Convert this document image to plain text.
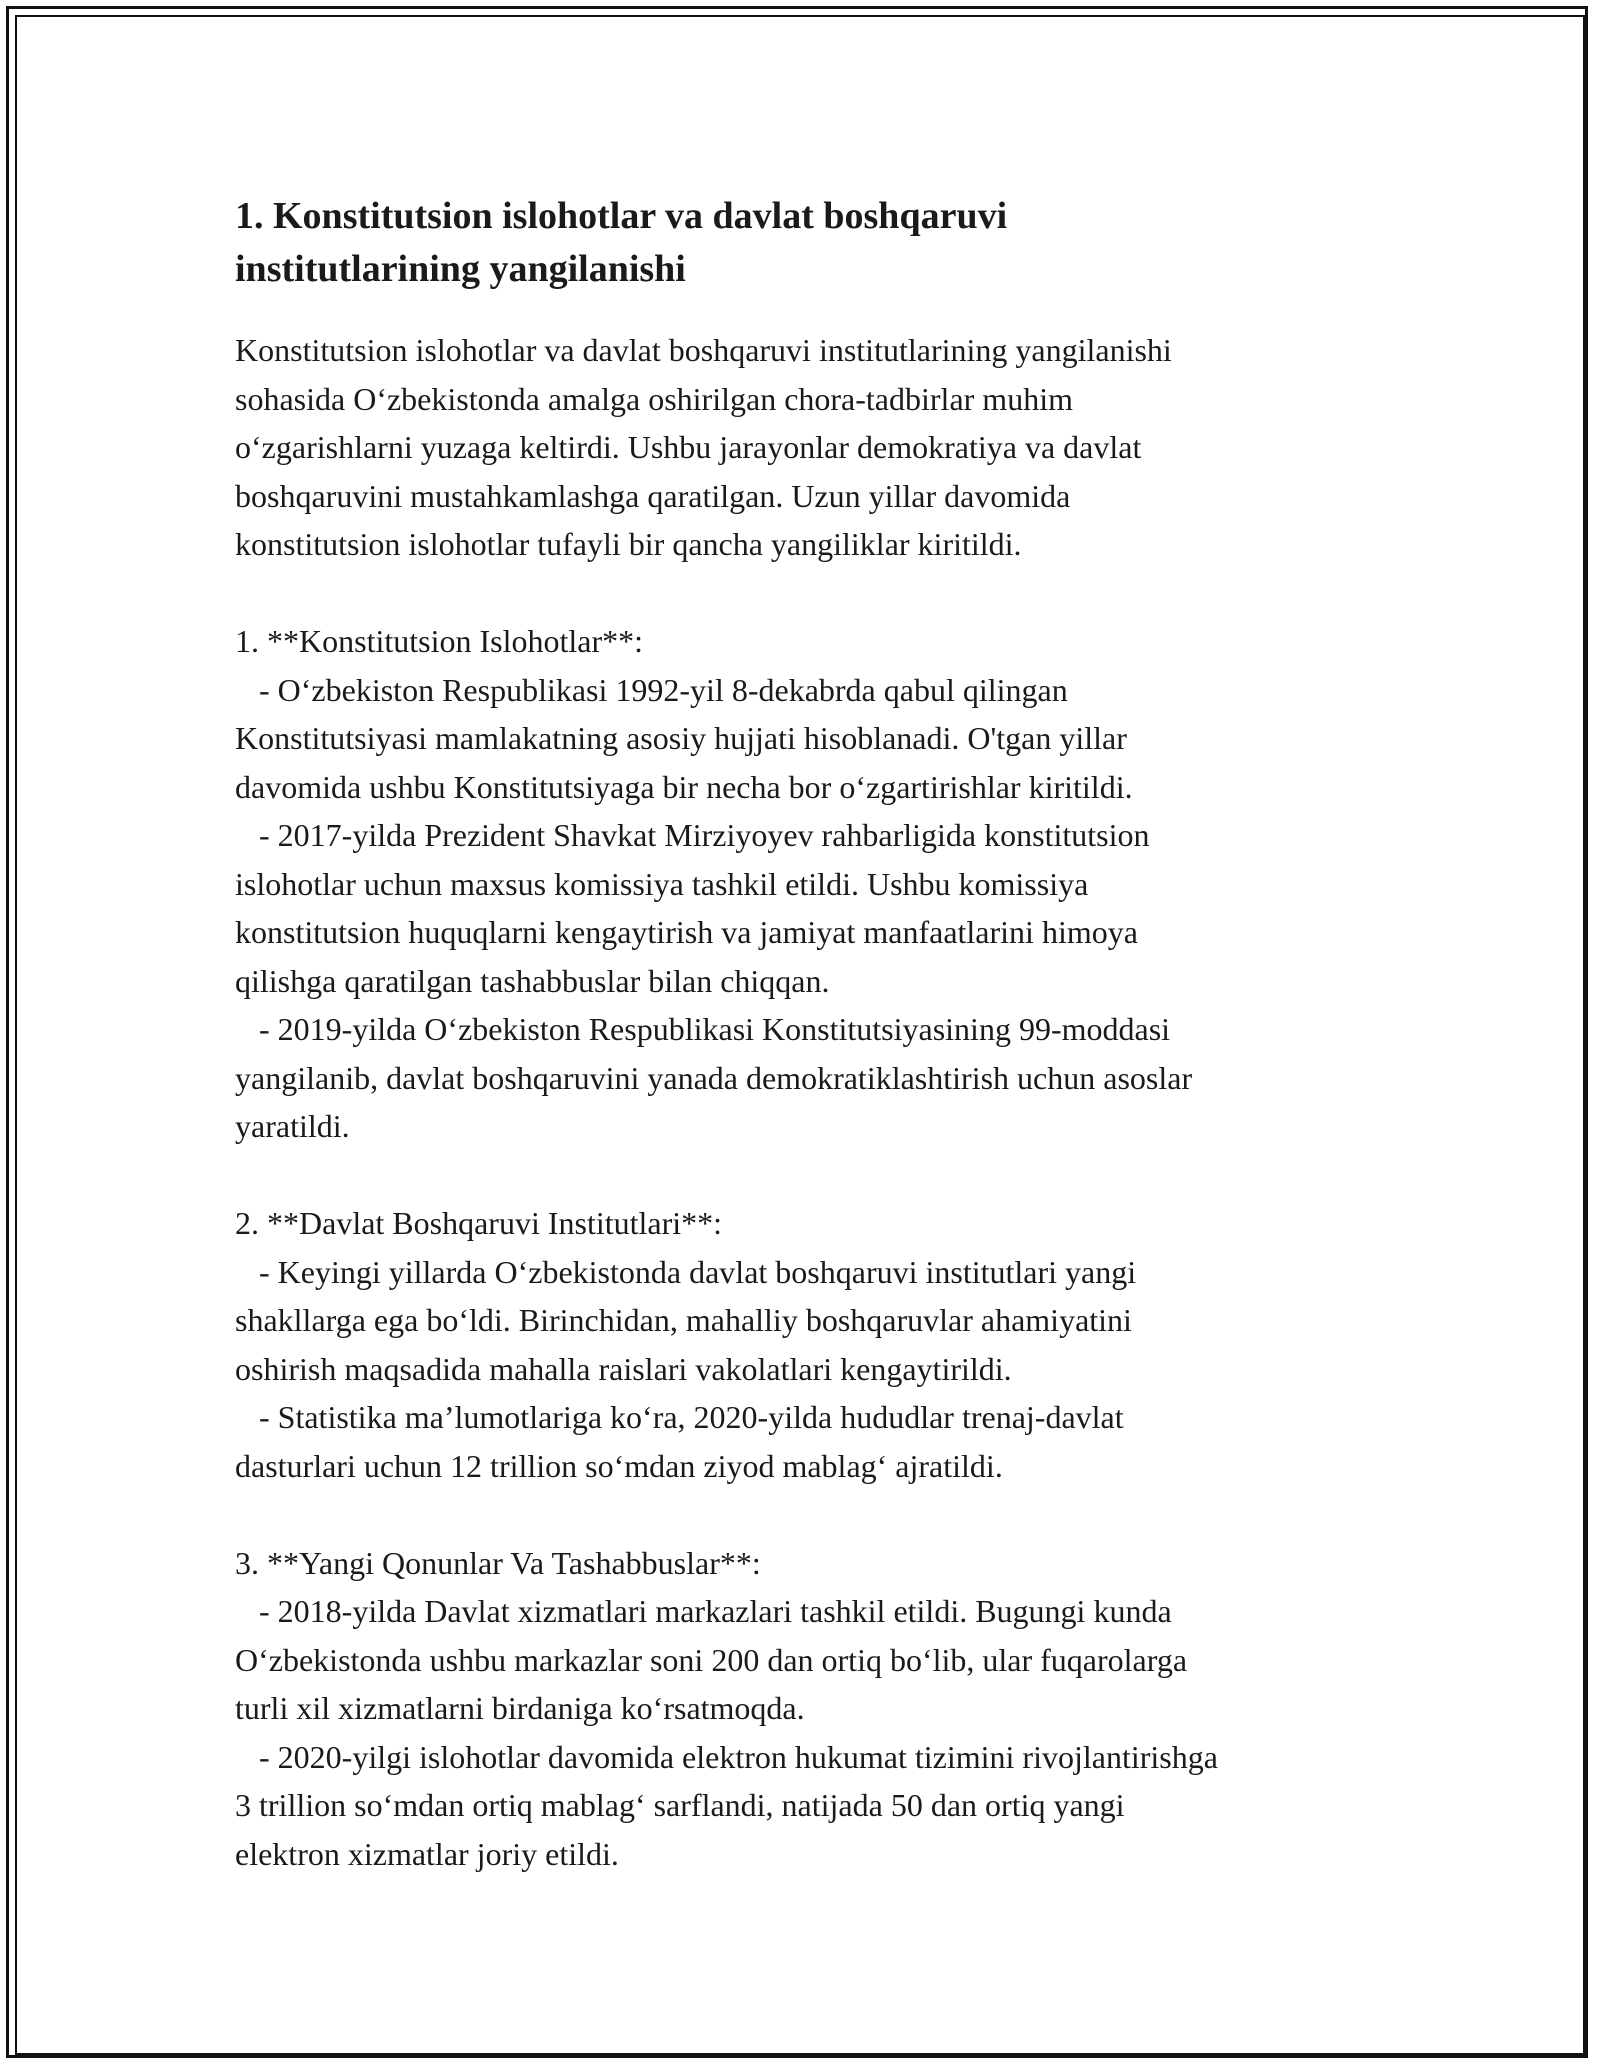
1. Konstitutsion islohotlar va davlat boshqaruvi
institutlarining yangilanishi
Konstitutsion islohotlar va davlat boshqaruvi institutlarining yangilanishi
sohasida O‘zbekistonda amalga oshirilgan chora-tadbirlar muhim
o‘zgarishlarni yuzaga keltirdi. Ushbu jarayonlar demokratiya va davlat
boshqaruvini mustahkamlashga qaratilgan. Uzun yillar davomida
konstitutsion islohotlar tufayli bir qancha yangiliklar kiritildi.
1. **Konstitutsion Islohotlar**:
- O‘zbekiston Respublikasi 1992-yil 8-dekabrda qabul qilingan
Konstitutsiyasi mamlakatning asosiy hujjati hisoblanadi. O'tgan yillar
davomida ushbu Konstitutsiyaga bir necha bor o‘zgartirishlar kiritildi.
- 2017-yilda Prezident Shavkat Mirziyoyev rahbarligida konstitutsion
islohotlar uchun maxsus komissiya tashkil etildi. Ushbu komissiya
konstitutsion huquqlarni kengaytirish va jamiyat manfaatlarini himoya
qilishga qaratilgan tashabbuslar bilan chiqqan.
- 2019-yilda O‘zbekiston Respublikasi Konstitutsiyasining 99-moddasi
yangilanib, davlat boshqaruvini yanada demokratiklashtirish uchun asoslar
yaratildi.
2. **Davlat Boshqaruvi Institutlari**:
- Keyingi yillarda O‘zbekistonda davlat boshqaruvi institutlari yangi
shakllarga ega bo‘ldi. Birinchidan, mahalliy boshqaruvlar ahamiyatini
oshirish maqsadida mahalla raislari vakolatlari kengaytirildi.
- Statistika ma’lumotlariga ko‘ra, 2020-yilda hududlar trenaj-davlat
dasturlari uchun 12 trillion so‘mdan ziyod mablag‘ ajratildi.
3. **Yangi Qonunlar Va Tashabbuslar**:
- 2018-yilda Davlat xizmatlari markazlari tashkil etildi. Bugungi kunda
O‘zbekistonda ushbu markazlar soni 200 dan ortiq bo‘lib, ular fuqarolarga
turli xil xizmatlarni birdaniga ko‘rsatmoqda.
- 2020-yilgi islohotlar davomida elektron hukumat tizimini rivojlantirishga
3 trillion so‘mdan ortiq mablag‘ sarflandi, natijada 50 dan ortiq yangi
elektron xizmatlar joriy etildi.
